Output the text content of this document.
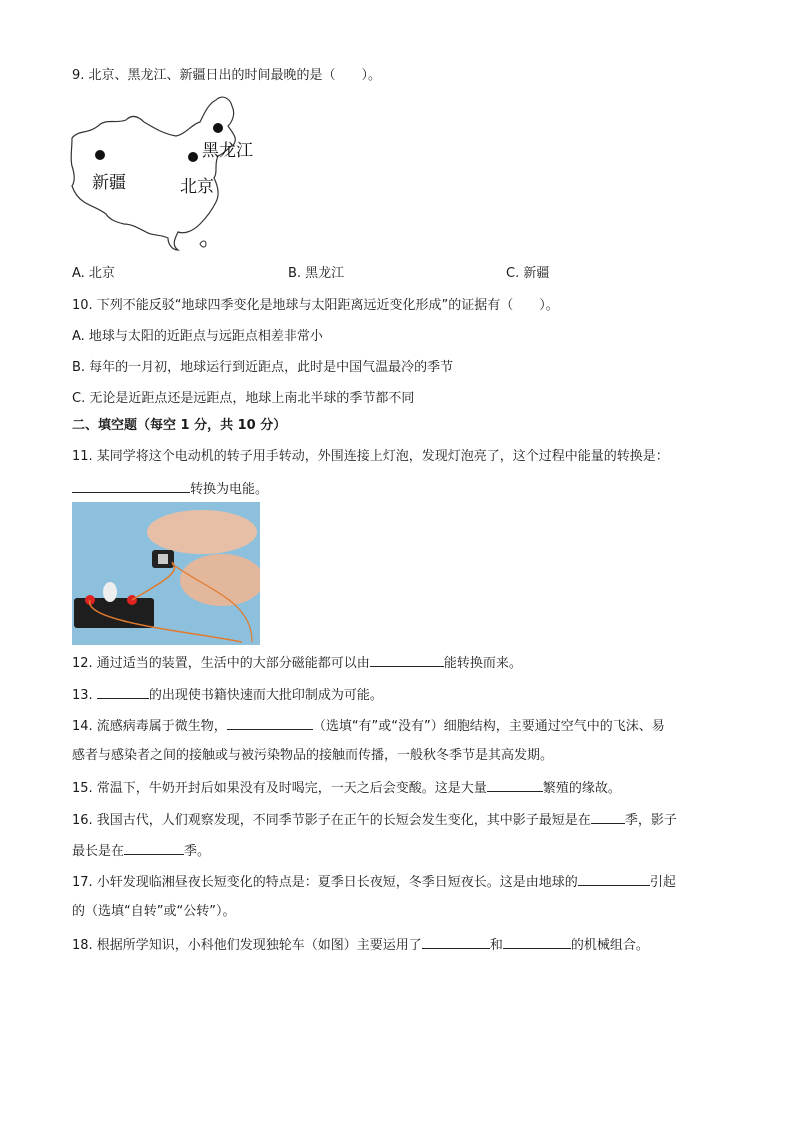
9. 北京、黑龙江、新疆日出的时间最晚的是（　　）。
黑龙江
新疆	北京
A. 北京	B. 黑龙江	C. 新疆
10. 下列不能反驳“地球四季变化是地球与太阳距离远近变化形成”的证据有（　　）。
A. 地球与太阳的近距点与远距点相差非常小
B. 每年的一月初，地球运行到近距点，此时是中国气温最冷的季节
C. 无论是近距点还是远距点，地球上南北半球的季节都不同
二、填空题（每空 1 分，共 10 分）
11. 某同学将这个电动机的转子用手转动，外围连接上灯泡，发现灯泡亮了，这个过程中能量的转换是：
转换为电能。
12. 通过适当的装置，生活中的大部分磁能都可以由	能转换而来。
13.	的出现使书籍快速而大批印制成为可能。
14. 流感病毒属于微生物，	（选填“有”或“没有”）细胞结构，主要通过空气中的飞沫、易
感者与感染者之间的接触或与被污染物品的接触而传播，一般秋冬季节是其高发期。
15. 常温下，牛奶开封后如果没有及时喝完，一天之后会变酸。这是大量	繁殖的缘故。
16. 我国古代，人们观察发现，不同季节影子在正午的长短会发生变化，其中影子最短是在	季，影子
最长是在	季。
17. 小轩发现临湘昼夜长短变化的特点是：夏季日长夜短，冬季日短夜长。这是由地球的	引起
的（选填“自转”或“公转”）。
18. 根据所学知识，小科他们发现独轮车（如图）主要运用了	和	的机械组合。
